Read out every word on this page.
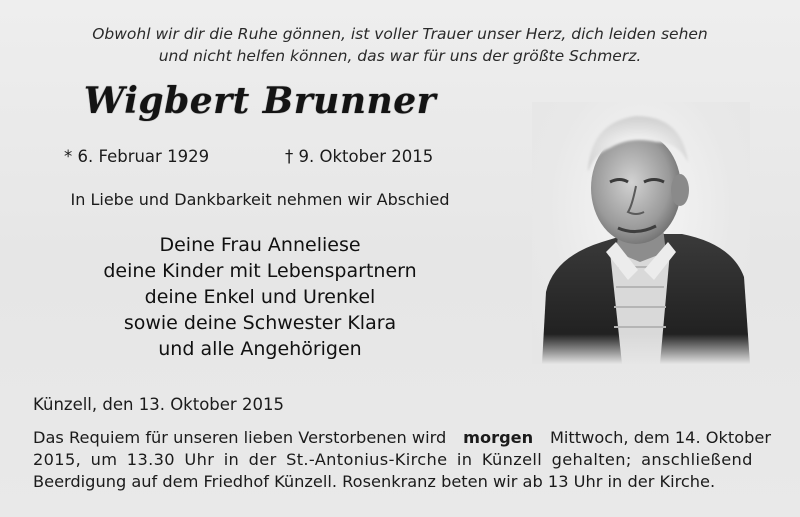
Obwohl wir dir die Ruhe gönnen, ist voller Trauer unser Herz, dich leiden sehen
und nicht helfen können, das war für uns der größte Schmerz.
Wigbert Brunner
* 6. Februar 1929	† 9. Oktober 2015
In Liebe und Dankbarkeit nehmen wir Abschied
Deine Frau Anneliese
deine Kinder mit Lebenspartnern
deine Enkel und Urenkel
sowie deine Schwester Klara
und alle Angehörigen
Künzell, den 13. Oktober 2015
Das Requiem für unseren lieben Verstorbenen wird morgen Mittwoch, dem 14. Oktober
2015, um 13.30 Uhr in der St.-Antonius-Kirche in Künzell gehalten; anschließend
Beerdigung auf dem Friedhof Künzell. Rosenkranz beten wir ab 13 Uhr in der Kirche.
